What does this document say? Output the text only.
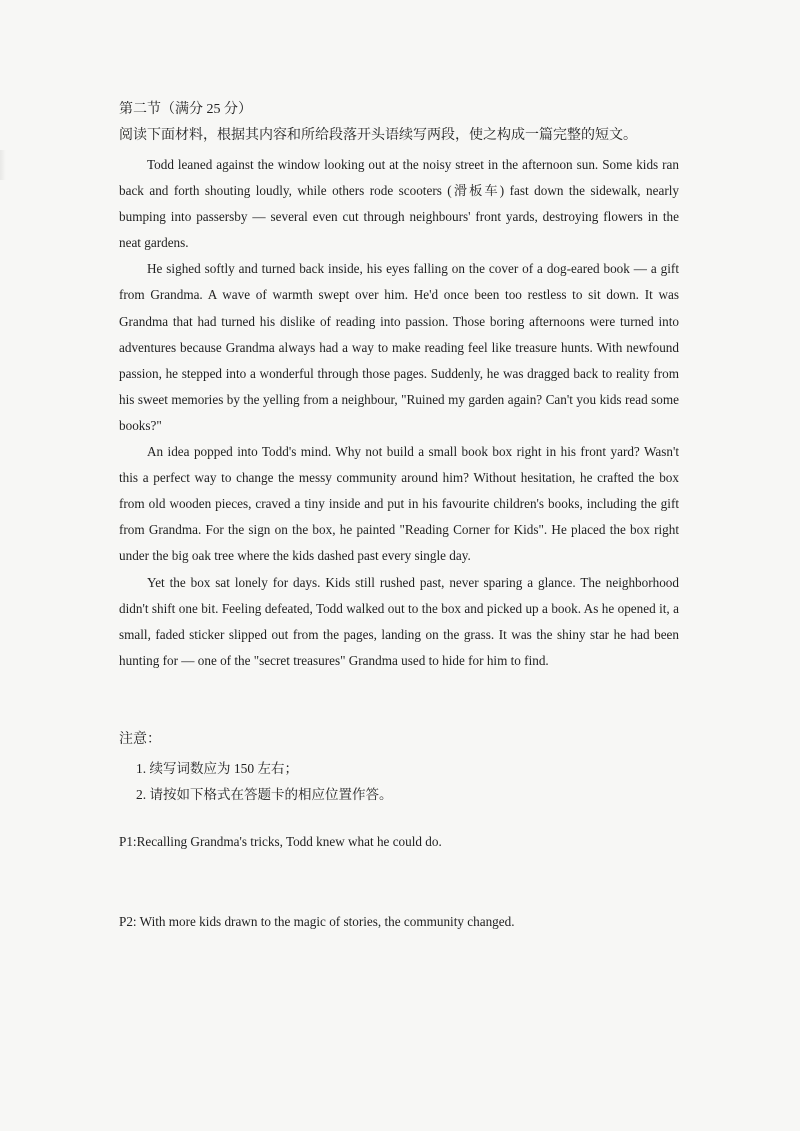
第二节（满分 25 分）
阅读下面材料，根据其内容和所给段落开头语续写两段，使之构成一篇完整的短文。

Todd leaned against the window looking out at the noisy street in the afternoon sun. Some kids ran back and forth shouting loudly, while others rode scooters (滑板车) fast down the sidewalk, nearly bumping into passersby — several even cut through neighbours' front yards, destroying flowers in the neat gardens.

He sighed softly and turned back inside, his eyes falling on the cover of a dog-eared book — a gift from Grandma. A wave of warmth swept over him. He'd once been too restless to sit down. It was Grandma that had turned his dislike of reading into passion. Those boring afternoons were turned into adventures because Grandma always had a way to make reading feel like treasure hunts. With newfound passion, he stepped into a wonderful through those pages. Suddenly, he was dragged back to reality from his sweet memories by the yelling from a neighbour, "Ruined my garden again? Can't you kids read some books?"

An idea popped into Todd's mind. Why not build a small book box right in his front yard? Wasn't this a perfect way to change the messy community around him? Without hesitation, he crafted the box from old wooden pieces, craved a tiny inside and put in his favourite children's books, including the gift from Grandma. For the sign on the box, he painted "Reading Corner for Kids". He placed the box right under the big oak tree where the kids dashed past every single day.

Yet the box sat lonely for days. Kids still rushed past, never sparing a glance. The neighborhood didn't shift one bit. Feeling defeated, Todd walked out to the box and picked up a book. As he opened it, a small, faded sticker slipped out from the pages, landing on the grass. It was the shiny star he had been hunting for — one of the "secret treasures" Grandma used to hide for him to find.

注意：
1. 续写词数应为 150 左右；
2. 请按如下格式在答题卡的相应位置作答。
P1:Recalling Grandma's tricks, Todd knew what he could do.
P2: With more kids drawn to the magic of stories, the community changed.
